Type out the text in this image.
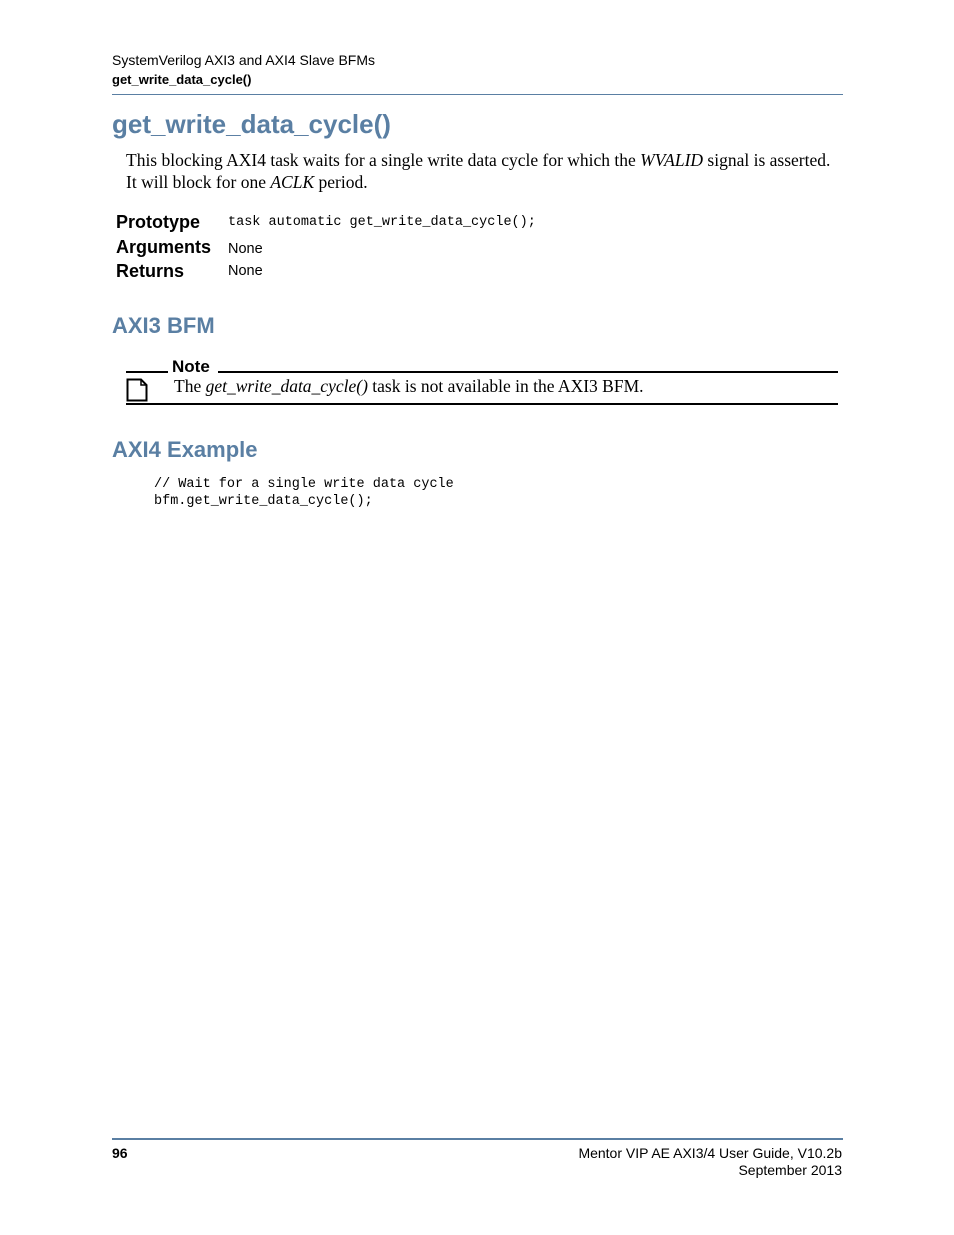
SystemVerilog AXI3 and AXI4 Slave BFMs
get_write_data_cycle()
get_write_data_cycle()
This blocking AXI4 task waits for a single write data cycle for which the WVALID signal is asserted. It will block for one ACLK period.
Prototype task automatic get_write_data_cycle();
Arguments None
Returns	None
AXI3 BFM
Note
The get_write_data_cycle() task is not available in the AXI3 BFM.
AXI4 Example
// Wait for a single write data cycle
bfm.get_write_data_cycle();
96	Mentor VIP AE AXI3/4 User Guide, V10.2b
September 2013
